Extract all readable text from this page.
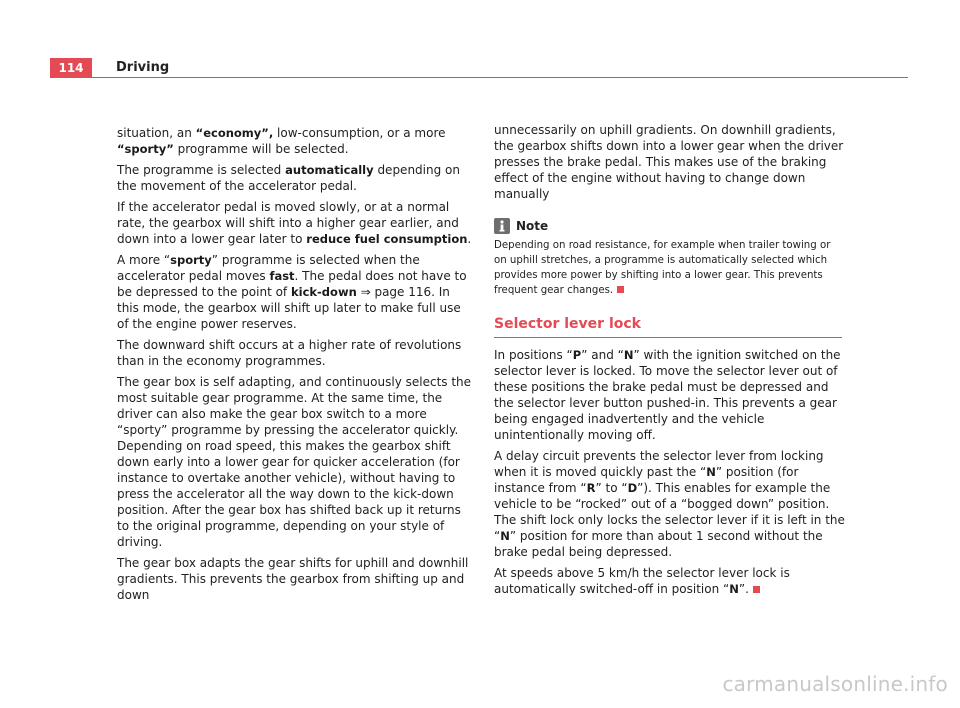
114	Driving

situation, an “economy”, low-consumption, or a more “sporty” programme will be selected.

The programme is selected automatically depending on the movement of the accelerator pedal.

If the accelerator pedal is moved slowly, or at a normal rate, the gearbox will shift into a higher gear earlier, and down into a lower gear later to reduce fuel consumption.

A more “sporty” programme is selected when the accelerator pedal moves fast. The pedal does not have to be depressed to the point of kick-down ⇒ page 116. In this mode, the gearbox will shift up later to make full use of the engine power reserves.

The downward shift occurs at a higher rate of revolutions than in the economy programmes.

The gear box is self adapting, and continuously selects the most suitable gear programme. At the same time, the driver can also make the gear box switch to a more “sporty” programme by pressing the accelerator quickly. Depending on road speed, this makes the gearbox shift down early into a lower gear for quicker acceleration (for instance to overtake another vehicle), without having to press the accelerator all the way down to the kick-down position. After the gear box has shifted back up it returns to the original programme, depending on your style of driving.

The gear box adapts the gear shifts for uphill and downhill gradients. This prevents the gearbox from shifting up and down

unnecessarily on uphill gradients. On downhill gradients, the gearbox shifts down into a lower gear when the driver presses the brake pedal. This makes use of the braking effect of the engine without having to change down manually

Note
Depending on road resistance, for example when trailer towing or on uphill stretches, a programme is automatically selected which provides more power by shifting into a lower gear. This prevents frequent gear changes.
Selector lever lock

In positions “P” and “N” with the ignition switched on the selector lever is locked. To move the selector lever out of these positions the brake pedal must be depressed and the selector lever button pushed-in. This prevents a gear being engaged inadvertently and the vehicle unintentionally moving off.

A delay circuit prevents the selector lever from locking when it is moved quickly past the “N” position (for instance from “R” to “D”). This enables for example the vehicle to be “rocked” out of a “bogged down” position. The shift lock only locks the selector lever if it is left in the “N” position for more than about 1 second without the brake pedal being depressed.

At speeds above 5 km/h the selector lever lock is automatically switched-off in position “N”.

carmanualsonline.info
